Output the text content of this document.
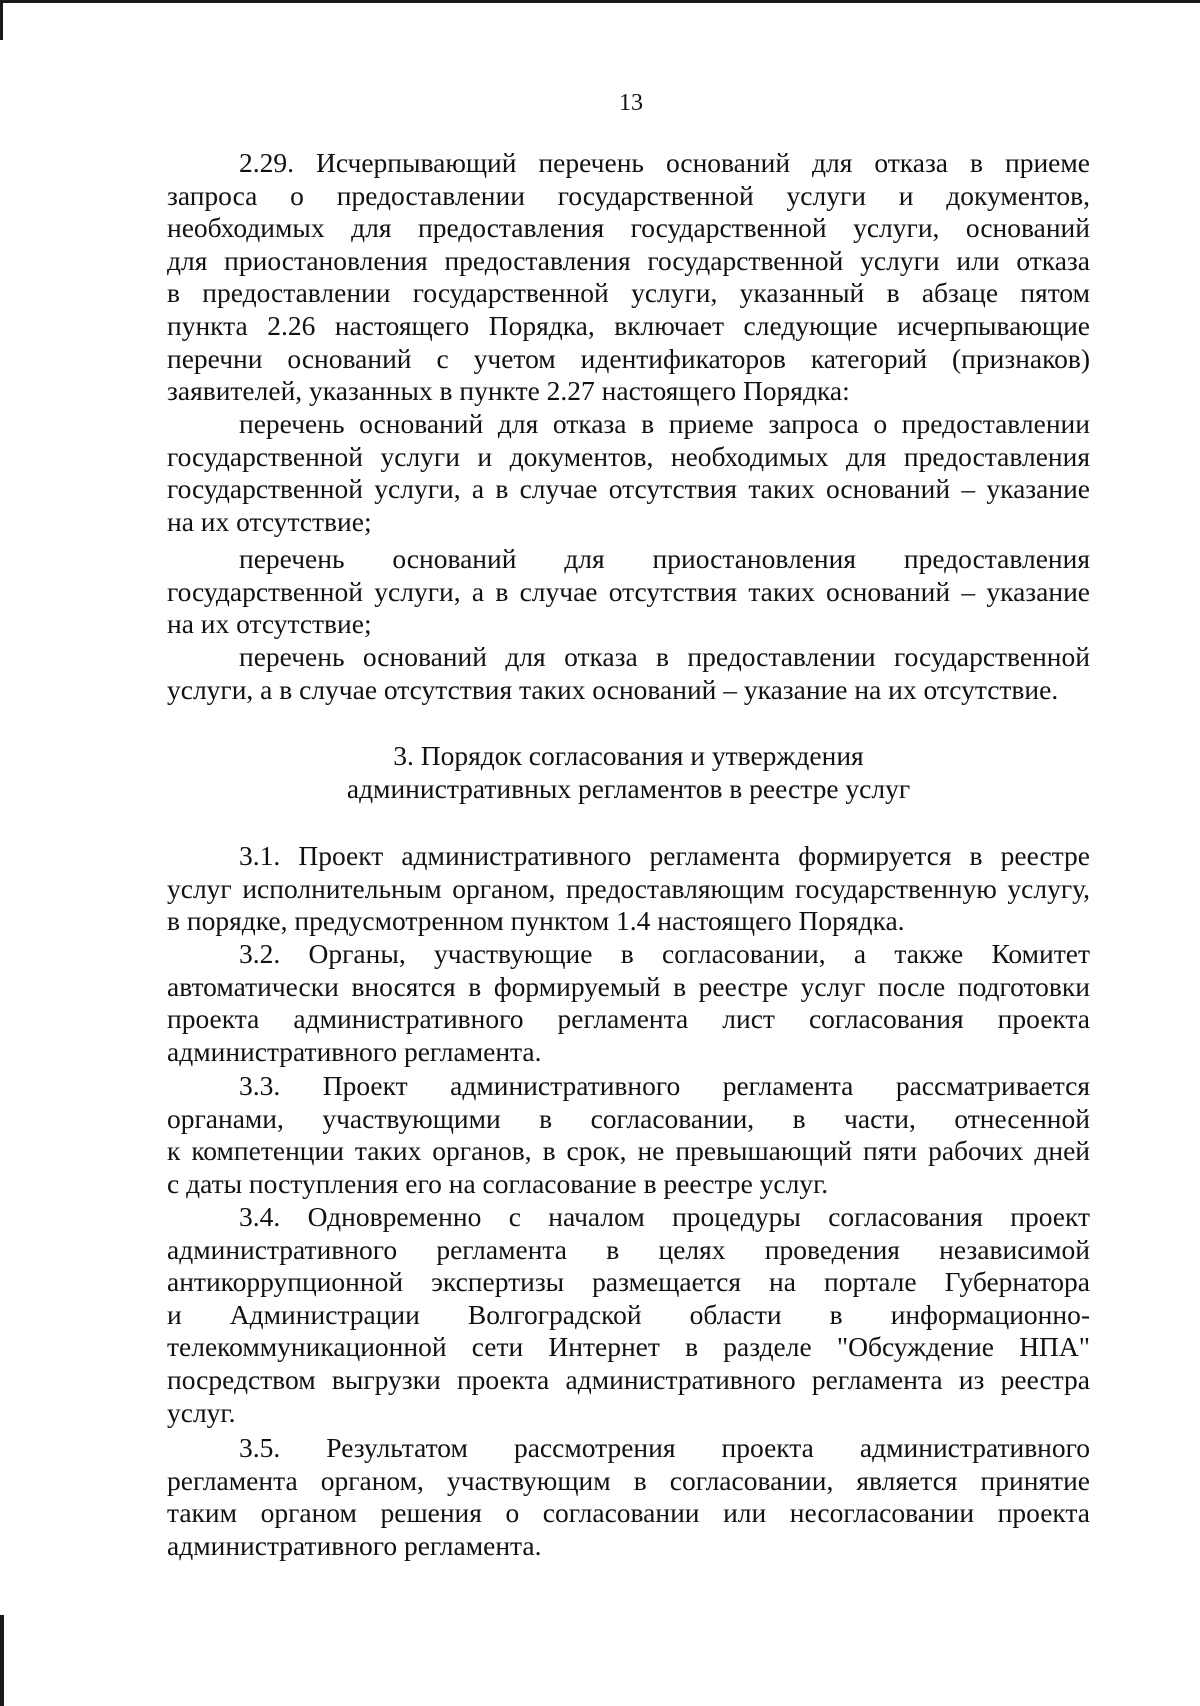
13
2.29. Исчерпывающий перечень оснований для отказа в приеме
запроса о предоставлении государственной услуги и документов,
необходимых для предоставления государственной услуги, оснований
для приостановления предоставления государственной услуги или отказа
в предоставлении государственной услуги, указанный в абзаце пятом
пункта 2.26 настоящего Порядка, включает следующие исчерпывающие
перечни оснований с учетом идентификаторов категорий (признаков)
заявителей, указанных в пункте 2.27 настоящего Порядка:
перечень оснований для отказа в приеме запроса о предоставлении
государственной услуги и документов, необходимых для предоставления
государственной услуги, а в случае отсутствия таких оснований – указание
на их отсутствие;
перечень оснований для приостановления предоставления
государственной услуги, а в случае отсутствия таких оснований – указание
на их отсутствие;
перечень оснований для отказа в предоставлении государственной
услуги, а в случае отсутствия таких оснований – указание на их отсутствие.
3. Порядок согласования и утверждения
административных регламентов в реестре услуг
3.1. Проект административного регламента формируется в реестре
услуг исполнительным органом, предоставляющим государственную услугу,
в порядке, предусмотренном пунктом 1.4 настоящего Порядка.
3.2. Органы, участвующие в согласовании, а также Комитет
автоматически вносятся в формируемый в реестре услуг после подготовки
проекта административного регламента лист согласования проекта
административного регламента.
3.3. Проект административного регламента рассматривается
органами, участвующими в согласовании, в части, отнесенной
к компетенции таких органов, в срок, не превышающий пяти рабочих дней
с даты поступления его на согласование в реестре услуг.
3.4. Одновременно с началом процедуры согласования проект
административного регламента в целях проведения независимой
антикоррупционной экспертизы размещается на портале Губернатора
и Администрации Волгоградской области в информационно-
телекоммуникационной сети Интернет в разделе "Обсуждение НПА"
посредством выгрузки проекта административного регламента из реестра
услуг.
3.5. Результатом рассмотрения проекта административного
регламента органом, участвующим в согласовании, является принятие
таким органом решения о согласовании или несогласовании проекта
административного регламента.
